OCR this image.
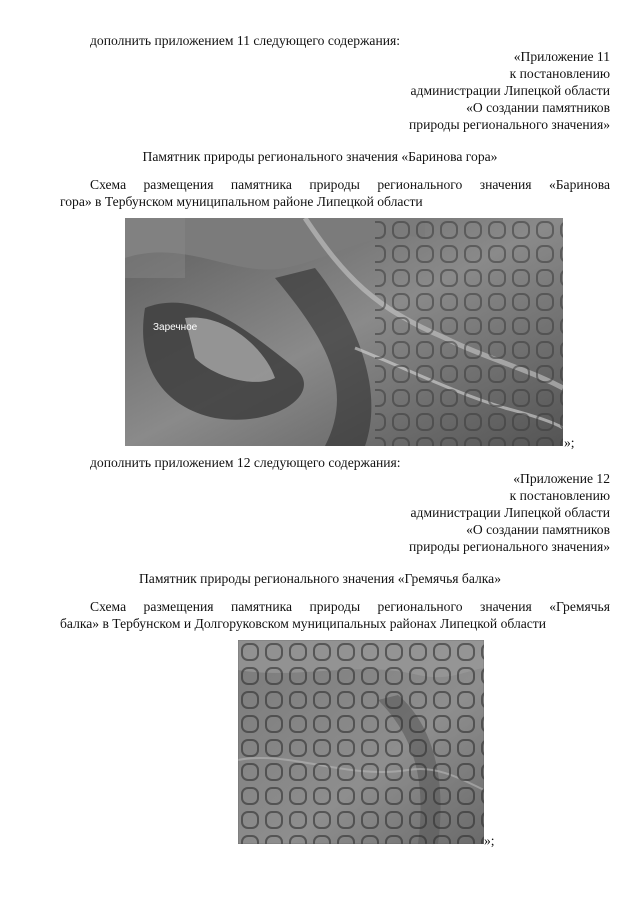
дополнить приложением 11 следующего содержания:
«Приложение 11
к постановлению
администрации Липецкой области
«О создании памятников
природы регионального значения»
Памятник природы регионального значения «Баринова гора»
Схема размещения памятника природы регионального значения «Баринова
гора» в Тербунском муниципальном районе Липецкой области
Заречное
»;
дополнить приложением 12 следующего содержания:
«Приложение 12
к постановлению
администрации Липецкой области
«О создании памятников
природы регионального значения»
Памятник природы регионального значения «Гремячья балка»
Схема размещения памятника природы регионального значения «Гремячья
балка» в Тербунском и Долгоруковском муниципальных районах Липецкой области
»;
